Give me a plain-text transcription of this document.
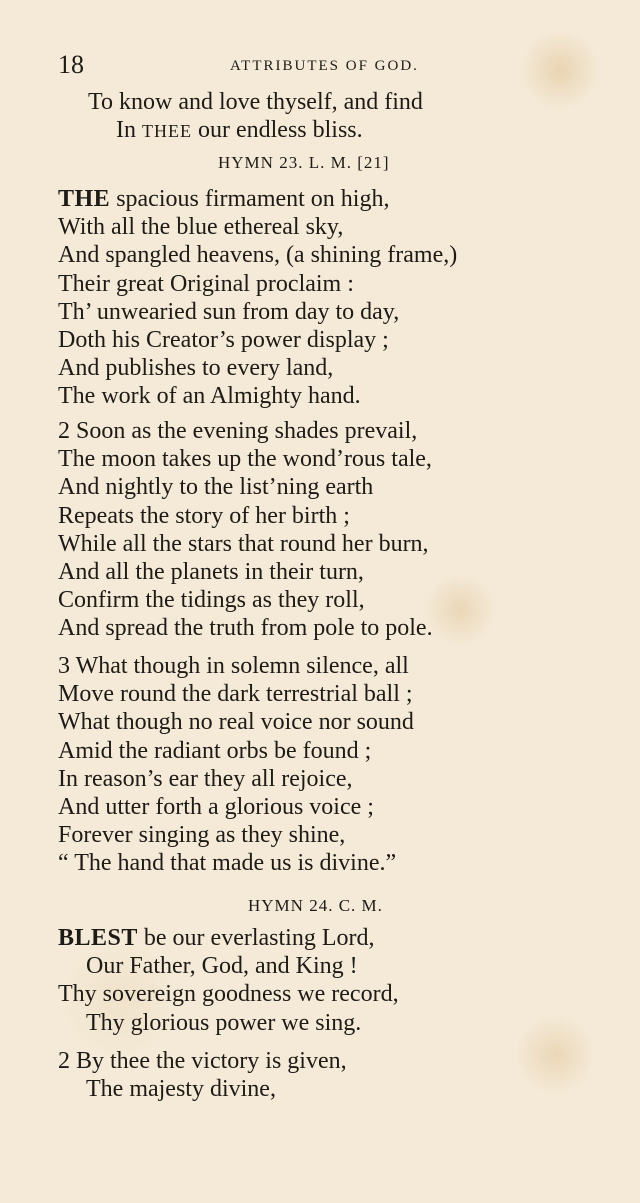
18	ATTRIBUTES OF GOD.
To know and love thyself, and find
In THEE our endless bliss.
HYMN 23. L. M. [21]
THE spacious firmament on high,
With all the blue ethereal sky,
And spangled heavens, (a shining frame,)
Their great Original proclaim :
Th’ unwearied sun from day to day,
Doth his Creator’s power display ;
And publishes to every land,
The work of an Almighty hand.
2 Soon as the evening shades prevail,
The moon takes up the wond’rous tale,
And nightly to the list’ning earth
Repeats the story of her birth ;
While all the stars that round her burn,
And all the planets in their turn,
Confirm the tidings as they roll,
And spread the truth from pole to pole.
3 What though in solemn silence, all
Move round the dark terrestrial ball ;
What though no real voice nor sound
Amid the radiant orbs be found ;
In reason’s ear they all rejoice,
And utter forth a glorious voice ;
Forever singing as they shine,
“ The hand that made us is divine.”
HYMN 24. C. M.
BLEST be our everlasting Lord,
Our Father, God, and King !
Thy sovereign goodness we record,
Thy glorious power we sing.
2 By thee the victory is given,
The majesty divine,
